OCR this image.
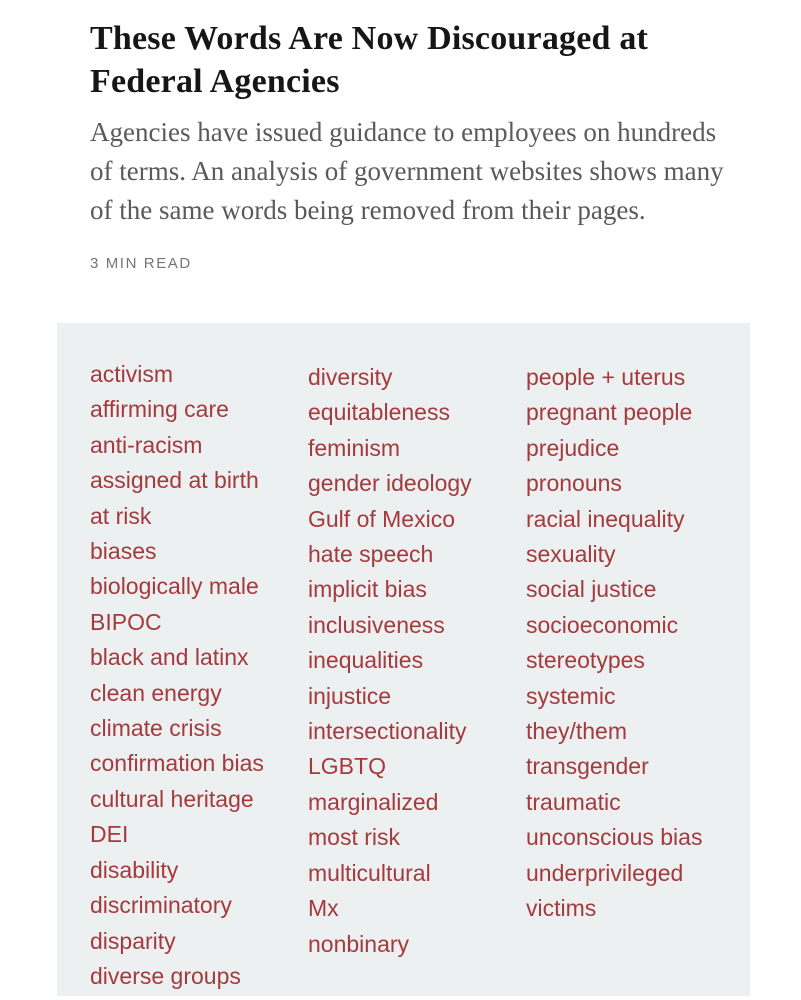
These Words Are Now Discouraged at Federal Agencies

Agencies have issued guidance to employees on hundreds of terms. An analysis of government websites shows many of the same words being removed from their pages.

3 MIN READ
activism
affirming care
anti-racism
assigned at birth
at risk
biases
biologically male
BIPOC
black and latinx
clean energy
climate crisis
confirmation bias
cultural heritage
DEI
disability
discriminatory
disparity
diverse groups
diversity
equitableness
feminism
gender ideology
Gulf of Mexico
hate speech
implicit bias
inclusiveness
inequalities
injustice
intersectionality
LGBTQ
marginalized
most risk
multicultural
Mx
nonbinary
people + uterus
pregnant people
prejudice
pronouns
racial inequality
sexuality
social justice
socioeconomic
stereotypes
systemic
they/them
transgender
traumatic
unconscious bias
underprivileged
victims
